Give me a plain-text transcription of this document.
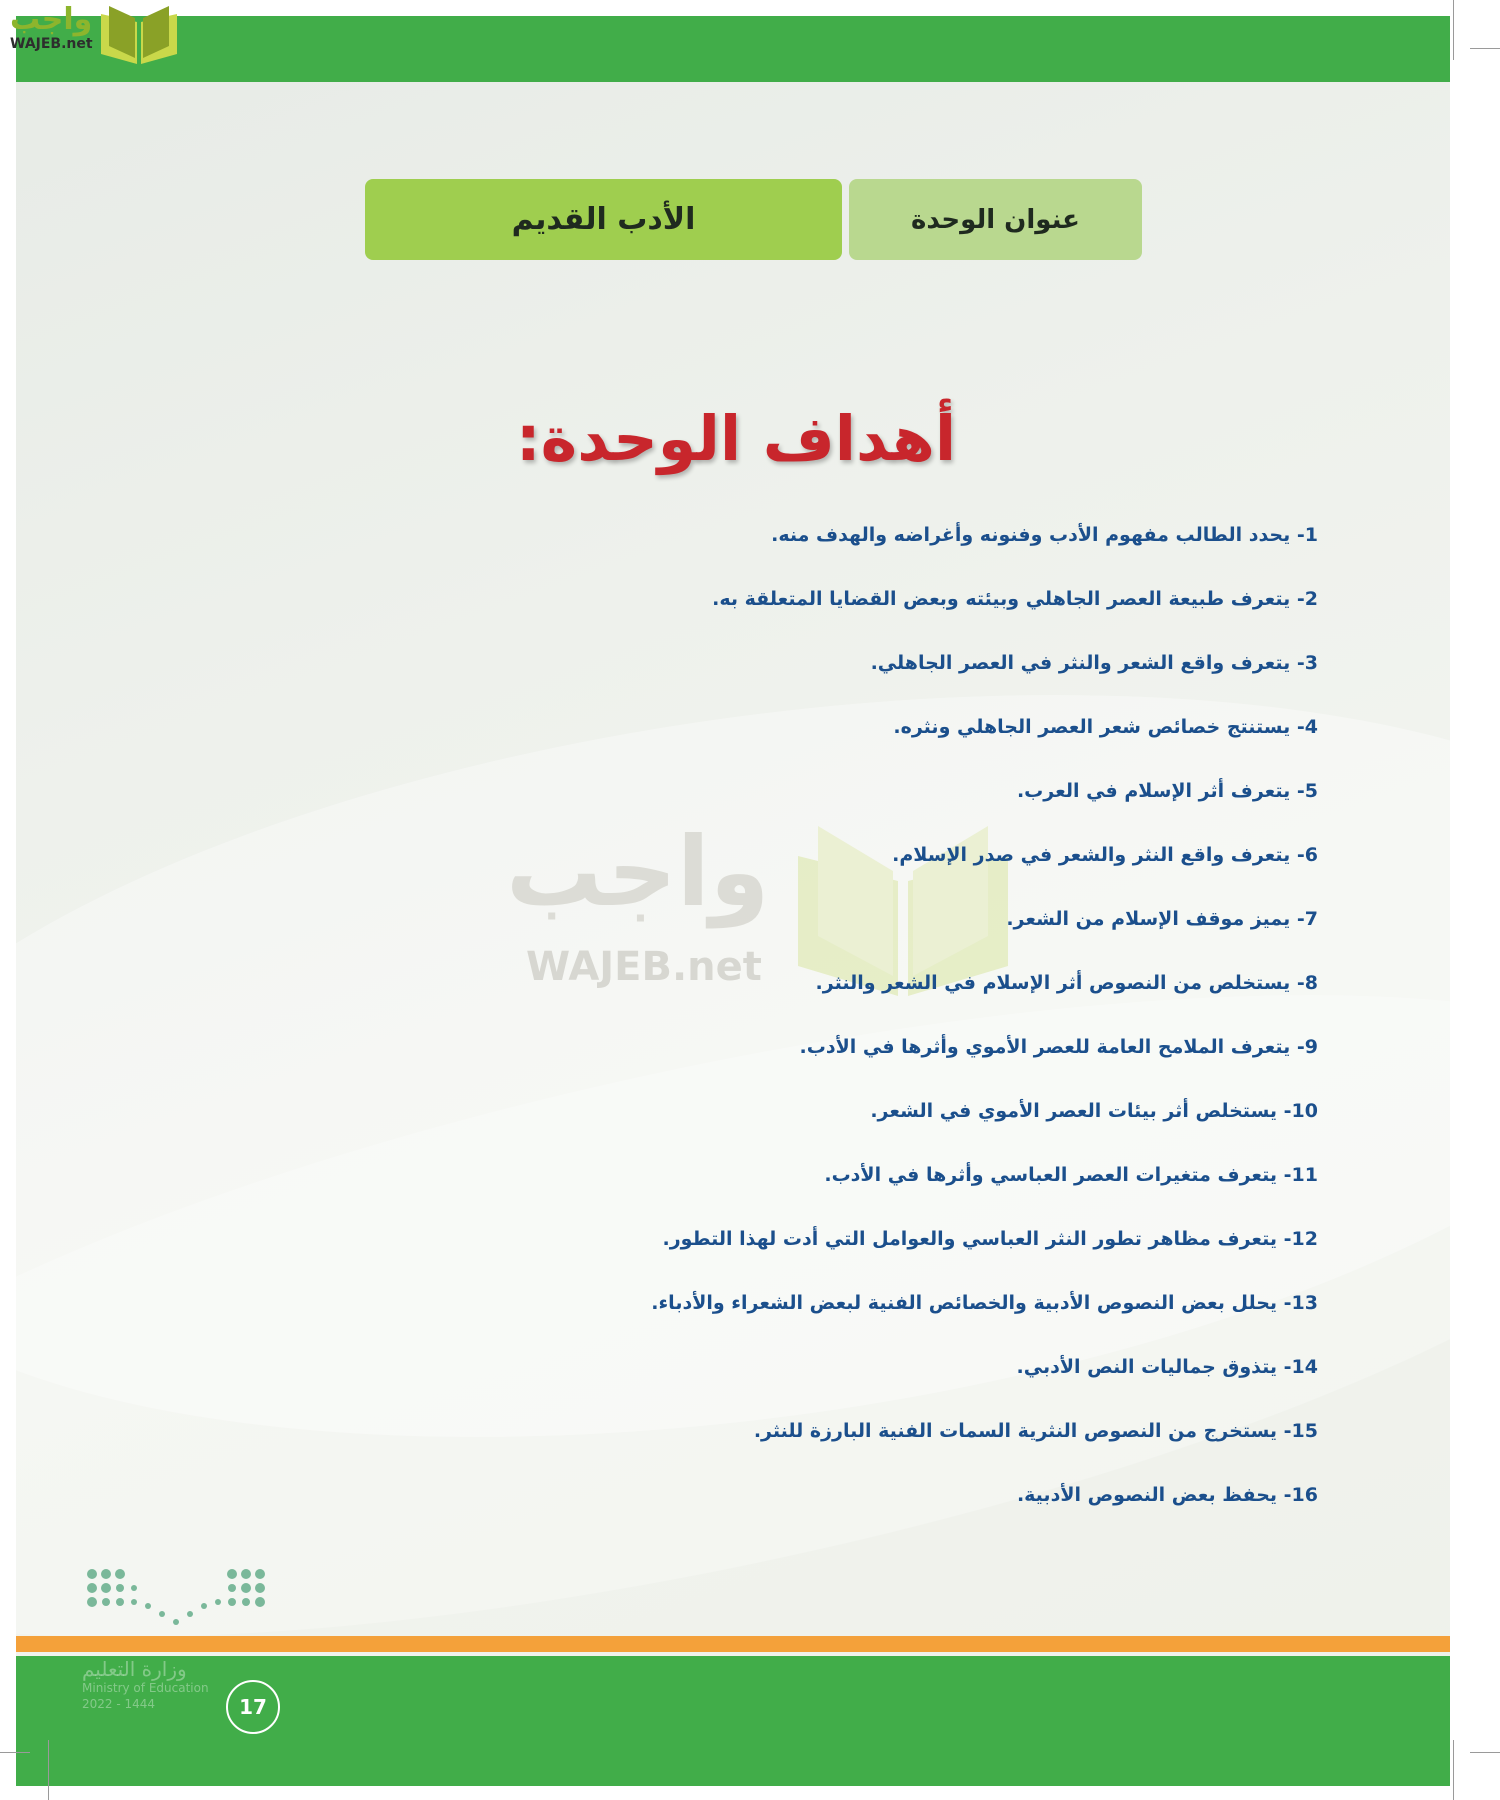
عنوان الوحدة
الأدب القديم
أهداف الوحدة:
واجب
WAJEB.net
1- يحدد الطالب مفهوم الأدب وفنونه وأغراضه والهدف منه.
2- يتعرف طبيعة العصر الجاهلي وبيئته وبعض القضايا المتعلقة به.
3- يتعرف واقع الشعر والنثر في العصر الجاهلي.
4- يستنتج خصائص شعر العصر الجاهلي ونثره.
5- يتعرف أثر الإسلام في العرب.
6- يتعرف واقع النثر والشعر في صدر الإسلام.
7- يميز موقف الإسلام من الشعر.
8- يستخلص من النصوص أثر الإسلام في الشعر والنثر.
9- يتعرف الملامح العامة للعصر الأموي وأثرها في الأدب.
10- يستخلص أثر بيئات العصر الأموي في الشعر.
11- يتعرف متغيرات العصر العباسي وأثرها في الأدب.
12- يتعرف مظاهر تطور النثر العباسي والعوامل التي أدت لهذا التطور.
13- يحلل بعض النصوص الأدبية والخصائص الفنية لبعض الشعراء والأدباء.
14- يتذوق جماليات النص الأدبي.
15- يستخرج من النصوص النثرية السمات الفنية البارزة للنثر.
16- يحفظ بعض النصوص الأدبية.
وزارة التعليم
Ministry of Education
2022 - 1444	17
واجب
WAJEB.net
